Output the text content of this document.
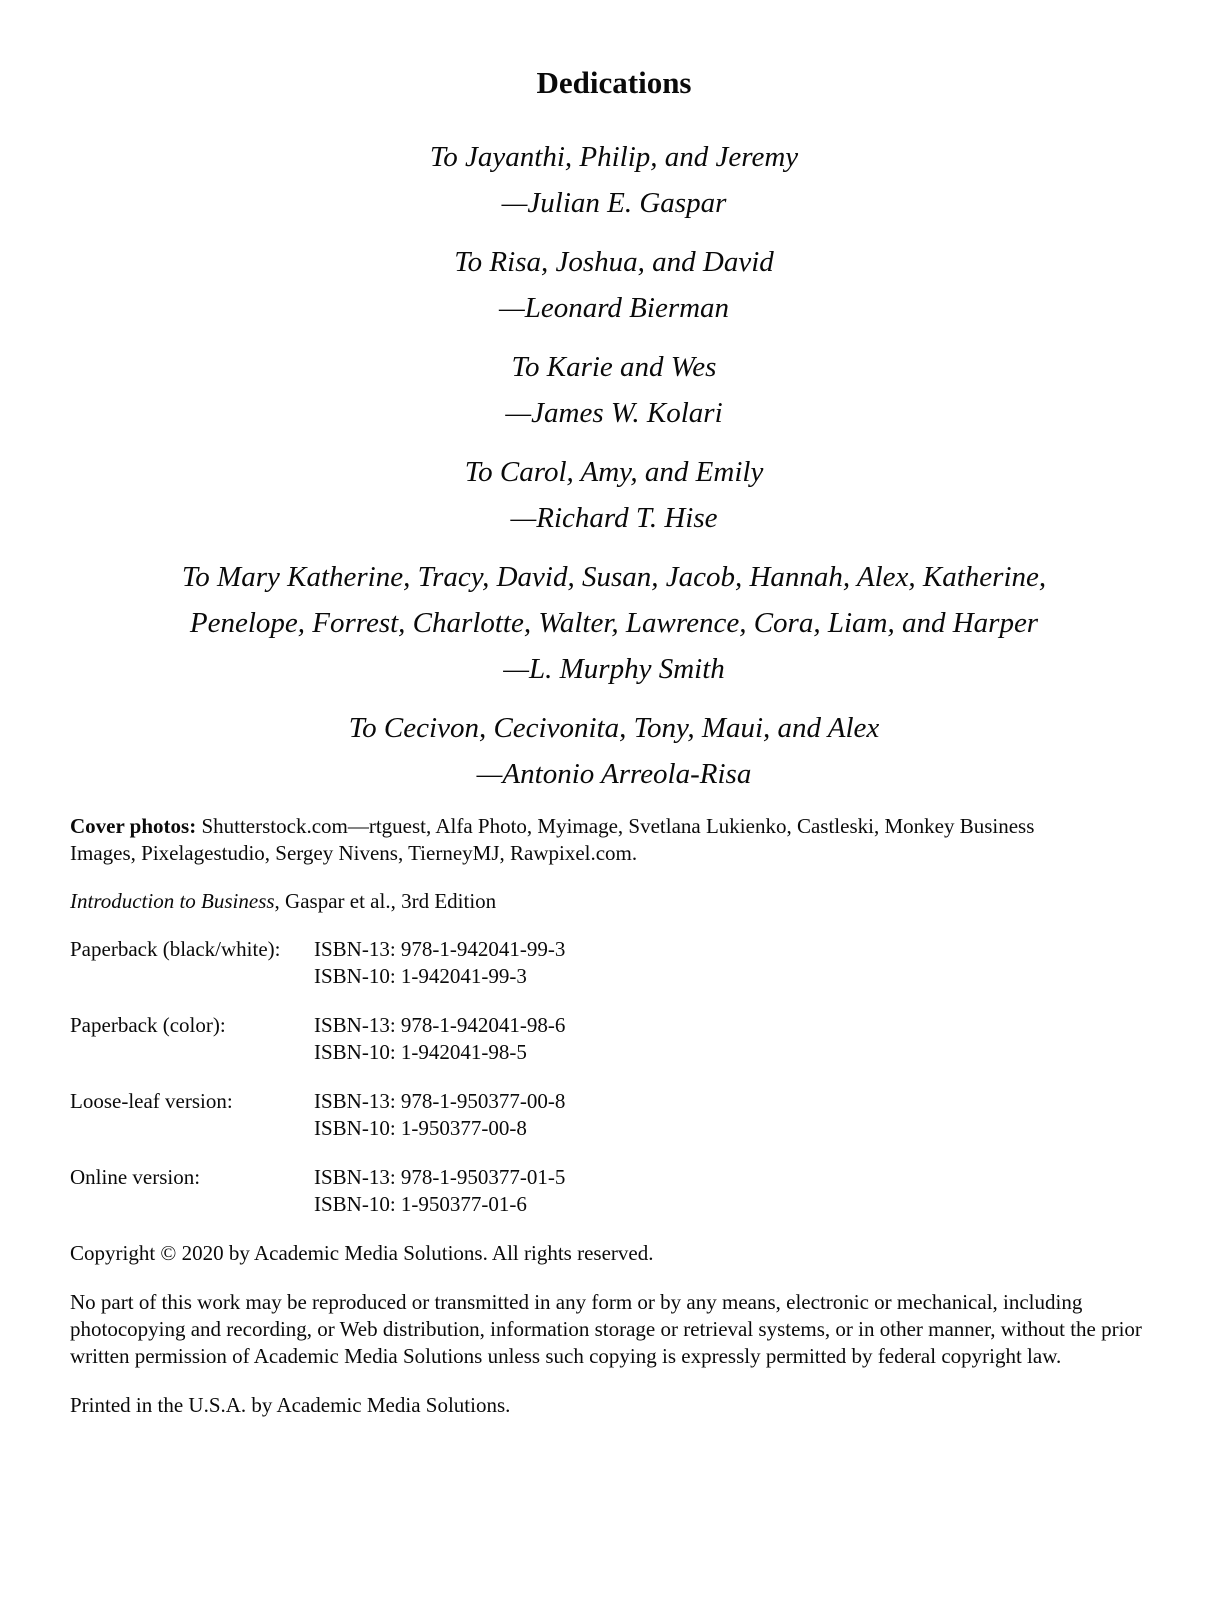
Dedications
To Jayanthi, Philip, and Jeremy
—Julian E. Gaspar
To Risa, Joshua, and David
—Leonard Bierman
To Karie and Wes
—James W. Kolari
To Carol, Amy, and Emily
—Richard T. Hise
To Mary Katherine, Tracy, David, Susan, Jacob, Hannah, Alex, Katherine,
Penelope, Forrest, Charlotte, Walter, Lawrence, Cora, Liam, and Harper
—L. Murphy Smith
To Cecivon, Cecivonita, Tony, Maui, and Alex
—Antonio Arreola-Risa

Cover photos: Shutterstock.com—rtguest, Alfa Photo, Myimage, Svetlana Lukienko, Castleski, Monkey Business Images, Pixelagestudio, Sergey Nivens, TierneyMJ, Rawpixel.com.

Introduction to Business, Gaspar et al., 3rd Edition

Paperback (black/white):	ISBN-13: 978-1-942041-99-3
ISBN-10: 1-942041-99-3
Paperback (color):	ISBN-13: 978-1-942041-98-6
ISBN-10: 1-942041-98-5
Loose-leaf version:	ISBN-13: 978-1-950377-00-8
ISBN-10: 1-950377-00-8
Online version:	ISBN-13: 978-1-950377-01-5
ISBN-10: 1-950377-01-6

Copyright © 2020 by Academic Media Solutions. All rights reserved.

No part of this work may be reproduced or transmitted in any form or by any means, electronic or mechanical, including photocopying and recording, or Web distribution, information storage or retrieval systems, or in other manner, without the prior written permission of Academic Media Solutions unless such copying is expressly permitted by federal copyright law.

Printed in the U.S.A. by Academic Media Solutions.
